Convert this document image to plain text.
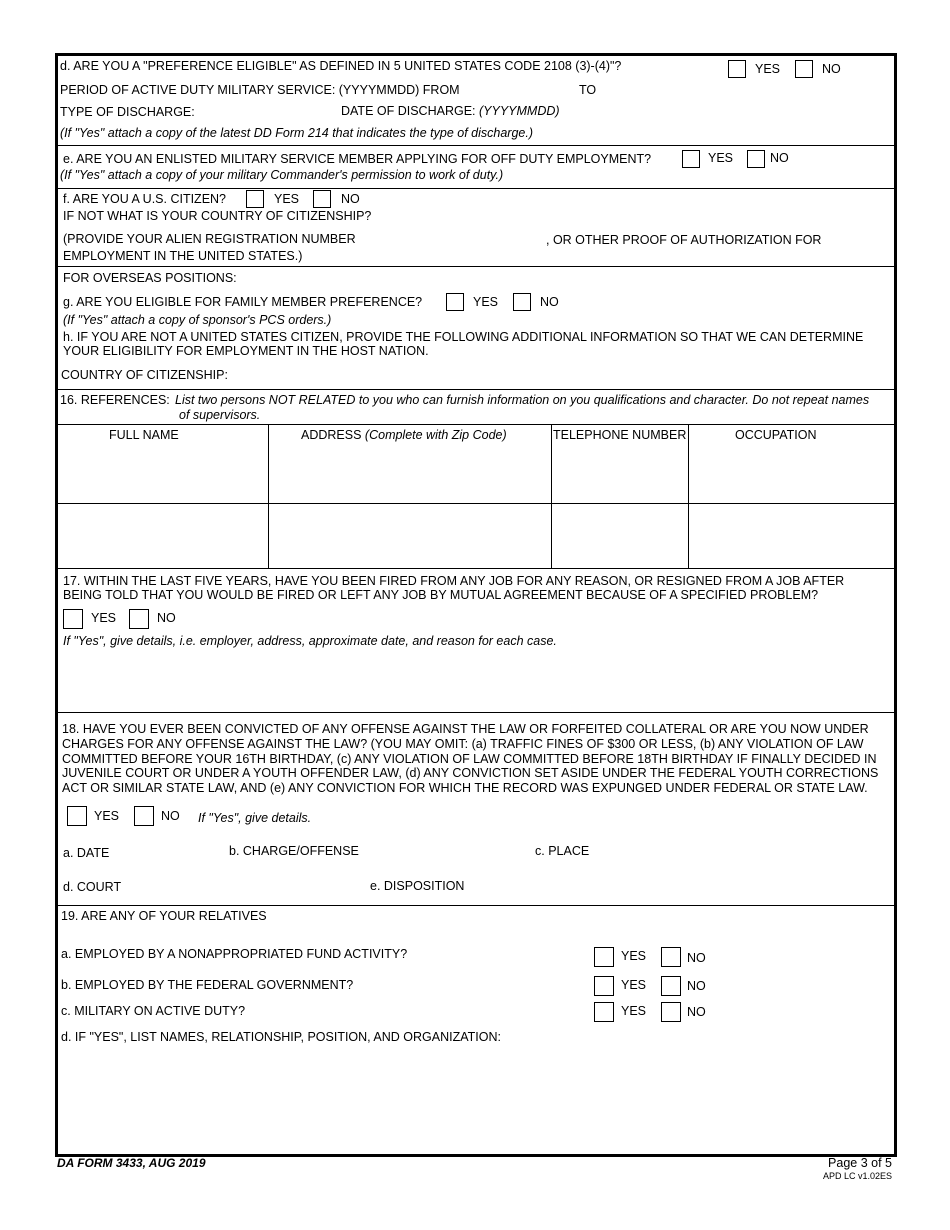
d. ARE YOU A "PREFERENCE ELIGIBLE" AS DEFINED IN 5 UNITED STATES CODE 2108 (3)-(4)"?	YES	NO
PERIOD OF ACTIVE DUTY MILITARY SERVICE: (YYYYMMDD) FROM	TO
TYPE OF DISCHARGE:	DATE OF DISCHARGE: (YYYYMMDD)
(If "Yes" attach a copy of the latest DD Form 214 that indicates the type of discharge.)
e. ARE YOU AN ENLISTED MILITARY SERVICE MEMBER APPLYING FOR OFF DUTY EMPLOYMENT?	YES	NO
(If "Yes" attach a copy of your military Commander's permission to work of duty.)
f. ARE YOU A U.S. CITIZEN?	YES	NO
IF NOT WHAT IS YOUR COUNTRY OF CITIZENSHIP?
(PROVIDE YOUR ALIEN REGISTRATION NUMBER	, OR OTHER PROOF OF AUTHORIZATION FOR
EMPLOYMENT IN THE UNITED STATES.)
FOR OVERSEAS POSITIONS:
g. ARE YOU ELIGIBLE FOR FAMILY MEMBER PREFERENCE?	YES	NO
(If "Yes" attach a copy of sponsor's PCS orders.)
h. IF YOU ARE NOT A UNITED STATES CITIZEN, PROVIDE THE FOLLOWING ADDITIONAL INFORMATION SO THAT WE CAN DETERMINE YOUR ELIGIBILITY FOR EMPLOYMENT IN THE HOST NATION.
COUNTRY OF CITIZENSHIP:
16. REFERENCES: List two persons NOT RELATED to you who can furnish information on you qualifications and character. Do not repeat names
of supervisors.
FULL NAME	ADDRESS (Complete with Zip Code)	TELEPHONE NUMBER	OCCUPATION
17. WITHIN THE LAST FIVE YEARS, HAVE YOU BEEN FIRED FROM ANY JOB FOR ANY REASON, OR RESIGNED FROM A JOB AFTER BEING TOLD THAT YOU WOULD BE FIRED OR LEFT ANY JOB BY MUTUAL AGREEMENT BECAUSE OF A SPECIFIED PROBLEM?
YES	NO
If "Yes", give details, i.e. employer, address, approximate date, and reason for each case.
18. HAVE YOU EVER BEEN CONVICTED OF ANY OFFENSE AGAINST THE LAW OR FORFEITED COLLATERAL OR ARE YOU NOW UNDER CHARGES FOR ANY OFFENSE AGAINST THE LAW? (YOU MAY OMIT: (a) TRAFFIC FINES OF $300 OR LESS, (b) ANY VIOLATION OF LAW COMMITTED BEFORE YOUR 16TH BIRTHDAY, (c) ANY VIOLATION OF LAW COMMITTED BEFORE 18TH BIRTHDAY IF FINALLY DECIDED IN JUVENILE COURT OR UNDER A YOUTH OFFENDER LAW, (d) ANY CONVICTION SET ASIDE UNDER THE FEDERAL YOUTH CORRECTIONS ACT OR SIMILAR STATE LAW, AND (e) ANY CONVICTION FOR WHICH THE RECORD WAS EXPUNGED UNDER FEDERAL OR STATE LAW.
YES	NO If "Yes", give details.
a. DATE	b. CHARGE/OFFENSE	c. PLACE
d. COURT	e. DISPOSITION
19. ARE ANY OF YOUR RELATIVES
a. EMPLOYED BY A NONAPPROPRIATED FUND ACTIVITY?	YES	NO
b. EMPLOYED BY THE FEDERAL GOVERNMENT?	YES	NO
c. MILITARY ON ACTIVE DUTY?	YES	NO
d. IF "YES", LIST NAMES, RELATIONSHIP, POSITION, AND ORGANIZATION:
DA FORM 3433, AUG 2019	Page 3 of 5
APD LC v1.02ES
